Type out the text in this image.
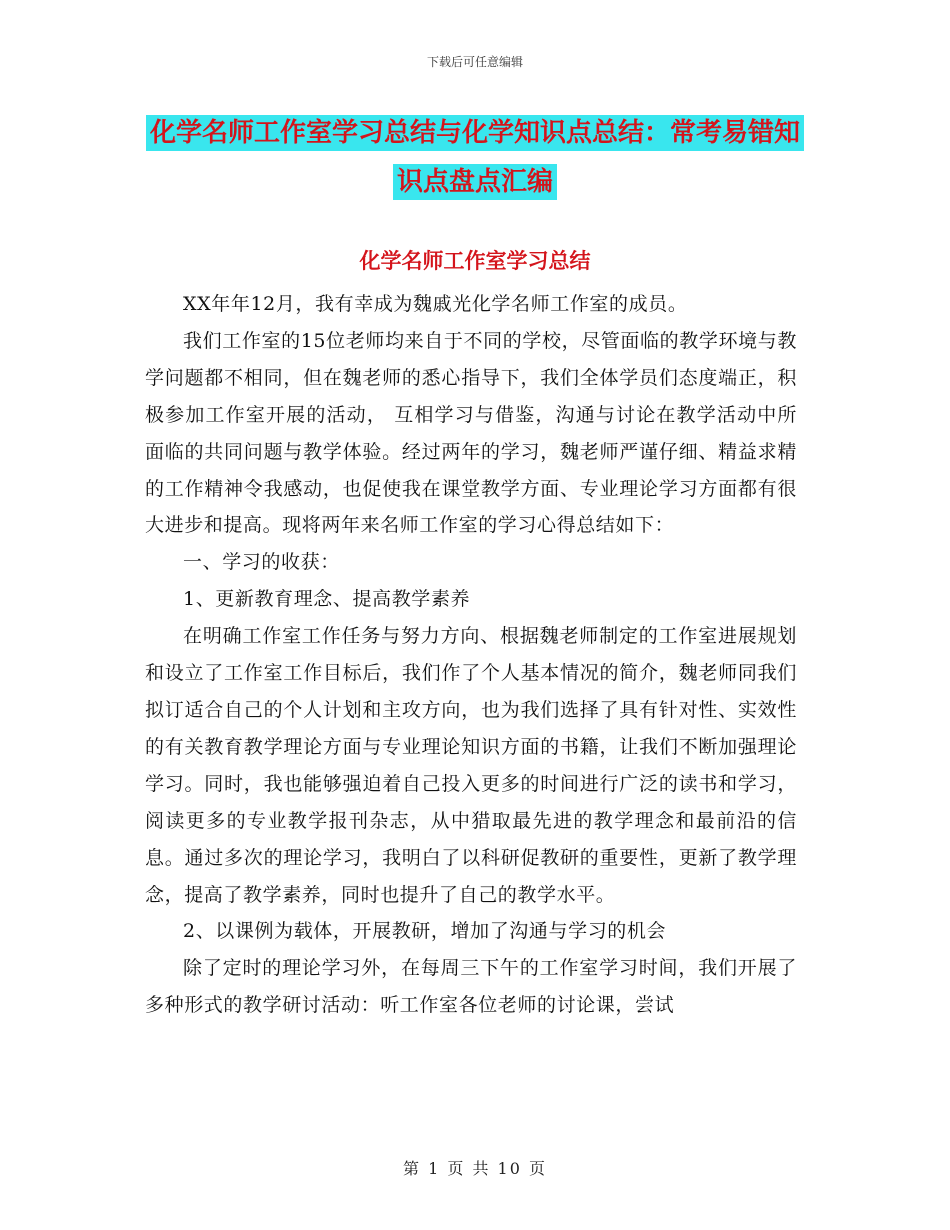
下载后可任意编辑
化学名师工作室学习总结与化学知识点总结：常考易错知识点盘点汇编
化学名师工作室学习总结

XX年年12月，我有幸成为魏戚光化学名师工作室的成员。

我们工作室的15位老师均来自于不同的学校，尽管面临的教学环境与教学问题都不相同，但在魏老师的悉心指导下，我们全体学员们态度端正，积极参加工作室开展的活动， 互相学习与借鉴，沟通与讨论在教学活动中所面临的共同问题与教学体验。经过两年的学习，魏老师严谨仔细、精益求精的工作精神令我感动，也促使我在课堂教学方面、专业理论学习方面都有很大进步和提高。现将两年来名师工作室的学习心得总结如下：

一、学习的收获：

1、更新教育理念、提高教学素养

在明确工作室工作任务与努力方向、根据魏老师制定的工作室进展规划和设立了工作室工作目标后，我们作了个人基本情况的简介，魏老师同我们拟订适合自己的个人计划和主攻方向，也为我们选择了具有针对性、实效性的有关教育教学理论方面与专业理论知识方面的书籍，让我们不断加强理论学习。同时，我也能够强迫着自己投入更多的时间进行广泛的读书和学习，阅读更多的专业教学报刊杂志，从中猎取最先进的教学理念和最前沿的信息。通过多次的理论学习，我明白了以科研促教研的重要性，更新了教学理念，提高了教学素养，同时也提升了自己的教学水平。

2、以课例为载体，开展教研，增加了沟通与学习的机会

除了定时的理论学习外，在每周三下午的工作室学习时间，我们开展了多种形式的教学研讨活动：听工作室各位老师的讨论课，尝试

第 1 页 共 10 页
